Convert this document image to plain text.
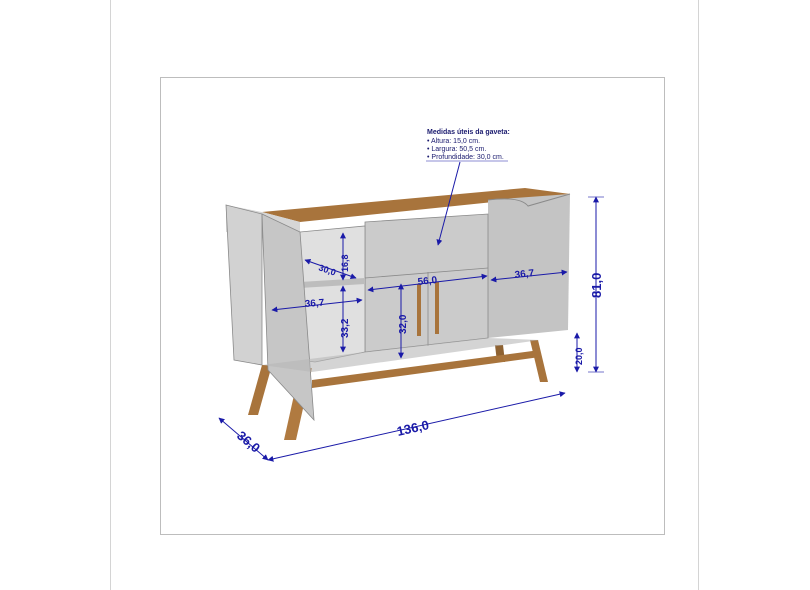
Medidas úteis da gaveta:
• Altura: 15,0 cm.
• Largura: 50,5 cm.
• Profundidade: 30,0 cm.
81,0
20,0
136,0
36,0
30,0 16,8
36,7
33,2
56,0
36,7
32,0
